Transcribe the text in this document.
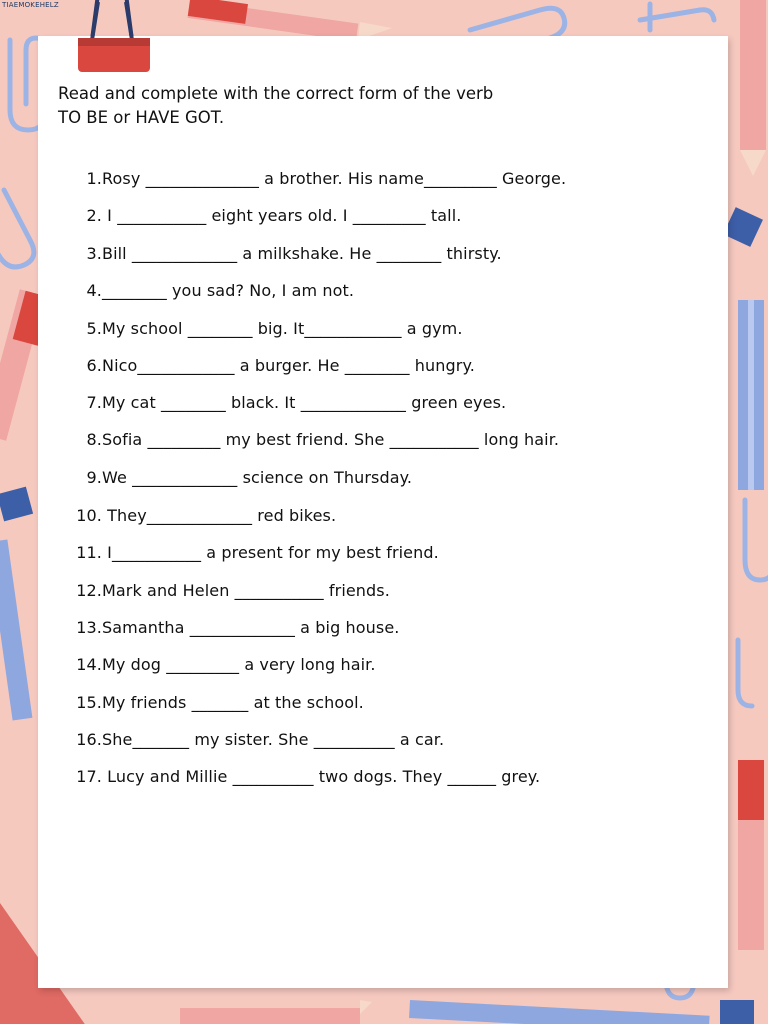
TIAEMOKEHELZ
Read and complete with the correct form of the verb
TO BE or HAVE GOT.
1.Rosy ______________ a brother. His name_________ George.
2. I ___________ eight years old. I _________ tall.
3.Bill _____________ a milkshake. He ________ thirsty.
4.________ you sad? No, I am not.
5.My school ________ big. It____________ a gym.
6.Nico____________ a burger. He ________ hungry.
7.My cat ________ black. It _____________ green eyes.
8.Sofia _________ my best friend. She ___________ long hair.
9.We _____________ science on Thursday.
10. They_____________ red bikes.
11. I___________ a present for my best friend.
12.Mark and Helen ___________ friends.
13.Samantha _____________ a big house.
14.My dog _________ a very long hair.
15.My friends _______ at the school.
16.She_______ my sister. She __________ a car.
17. Lucy and Millie __________ two dogs. They ______ grey.
